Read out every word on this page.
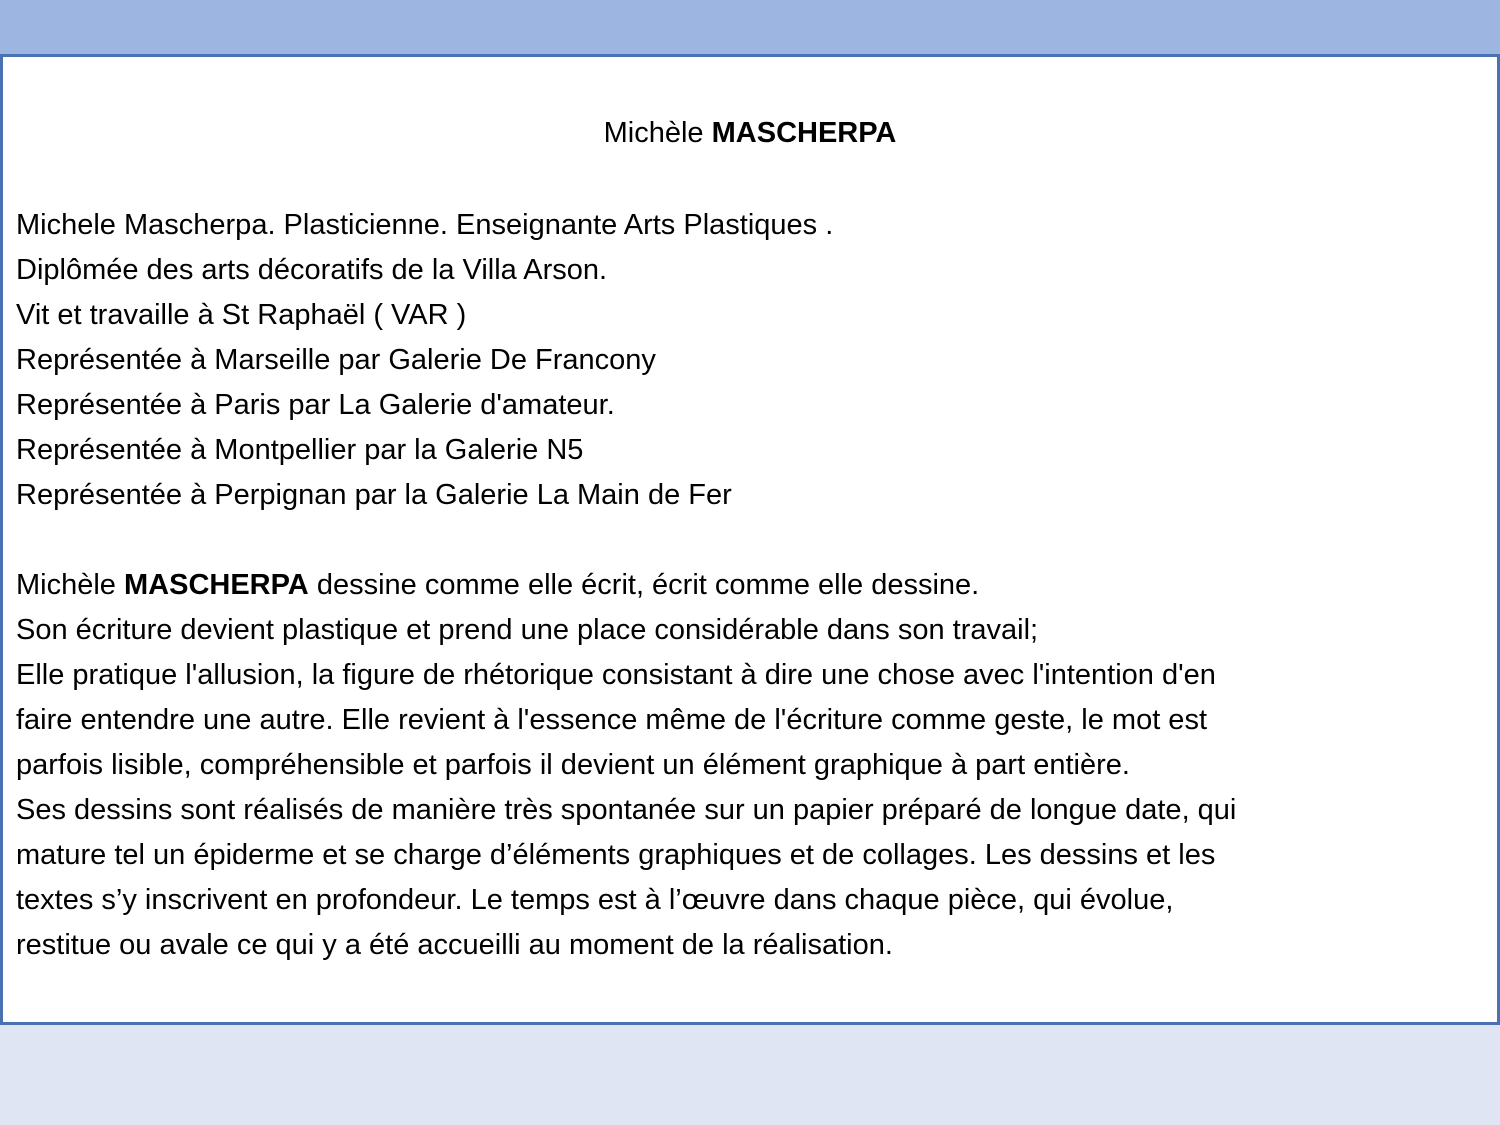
Michèle MASCHERPA
Michele Mascherpa. Plasticienne. Enseignante Arts Plastiques .
Diplômée des arts décoratifs de la Villa Arson.
Vit et travaille à St Raphaël ( VAR )
Représentée à Marseille par Galerie De Francony
Représentée à Paris par La Galerie d'amateur.
Représentée à Montpellier par la Galerie N5
Représentée à Perpignan par la Galerie La Main de Fer
Michèle MASCHERPA dessine comme elle écrit, écrit comme elle dessine.
Son écriture devient plastique et prend une place considérable dans son travail;
Elle pratique l'allusion, la figure de rhétorique consistant à dire une chose avec l'intention d'en
faire entendre une autre. Elle revient à l'essence même de l'écriture comme geste, le mot est
parfois lisible, compréhensible et parfois il devient un élément graphique à part entière.
Ses dessins sont réalisés de manière très spontanée sur un papier préparé de longue date, qui
mature tel un épiderme et se charge d’éléments graphiques et de collages. Les dessins et les
textes s’y inscrivent en profondeur. Le temps est à l’œuvre dans chaque pièce, qui évolue,
restitue ou avale ce qui y a été accueilli au moment de la réalisation.
